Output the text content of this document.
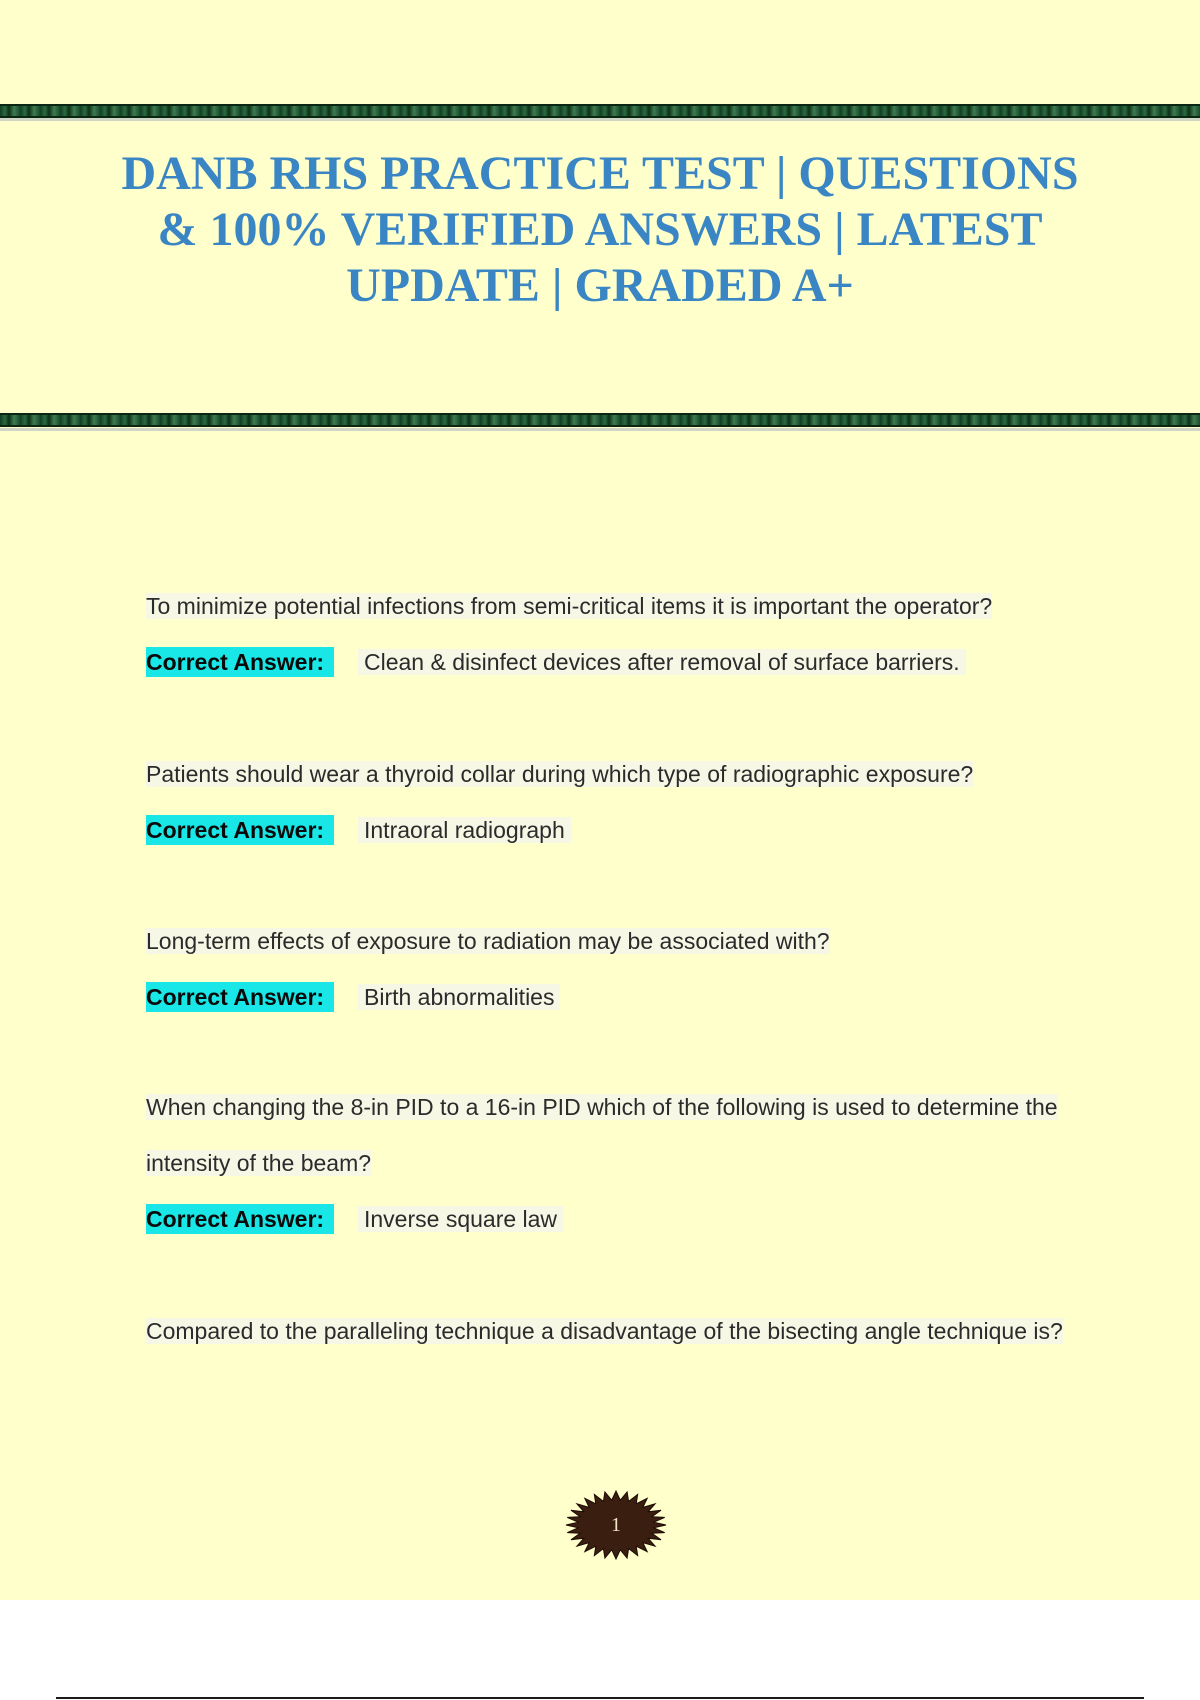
DANB RHS PRACTICE TEST | QUESTIONS & 100% VERIFIED ANSWERS | LATEST UPDATE | GRADED A+
To minimize potential infections from semi-critical items it is important the operator?
Correct Answer: Clean & disinfect devices after removal of surface barriers.
Patients should wear a thyroid collar during which type of radiographic exposure?
Correct Answer: Intraoral radiograph
Long-term effects of exposure to radiation may be associated with?
Correct Answer: Birth abnormalities
When changing the 8-in PID to a 16-in PID which of the following is used to determine the intensity of the beam?
Correct Answer: Inverse square law
Compared to the paralleling technique a disadvantage of the bisecting angle technique is?
1
